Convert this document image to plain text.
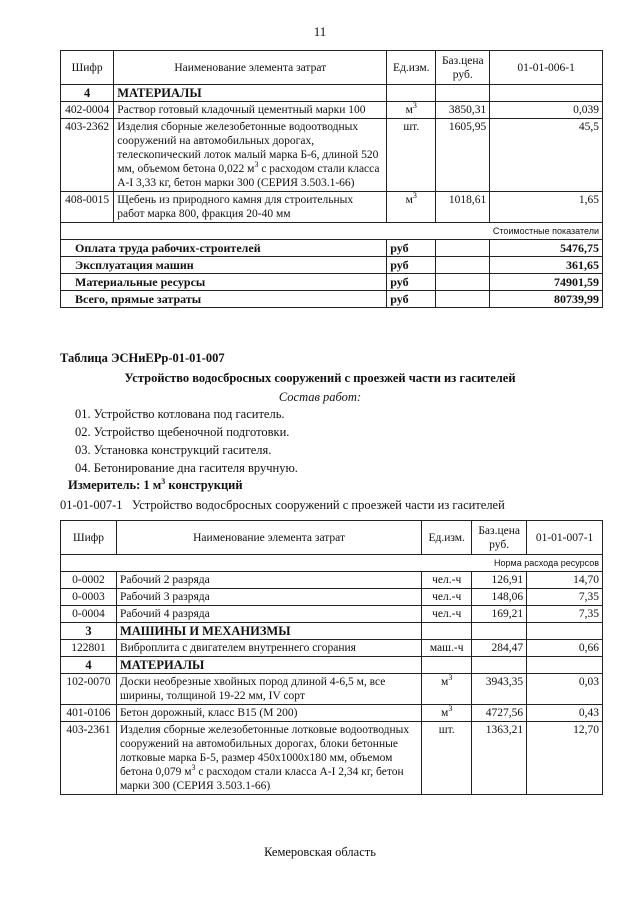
11
Шифр	Наименование элемента затрат	Ед.изм.	Баз.цена руб.	01-01-006-1
4	МАТЕРИАЛЫ			
402-0004	Раствор готовый кладочный цементный марки 100	$м^3$	3850,31	0,039
403-2362	Изделия сборные железобетонные водоотводных сооружений на автомобильных дорогах, телескопический лоток малый марка Б-6, длиной 520 мм, объемом бетона 0,022 $м^3$ с расходом стали класса А-I 3,33 кг, бетон марки 300 (СЕРИЯ 3.503.1-66)	шт.	1605,95	45,5
408-0015	Щебень из природного камня для строительных работ марка 800, фракция 20-40 мм	$м^3$	1018,61	1,65
				Стоимостные показатели
Оплата труда рабочих-строителей		руб		5476,75
Эксплуатация машин		руб		361,65
Материальные ресурсы		руб		74901,59
Всего, прямые затраты		руб		80739,99
Таблица ЭСНиЕРр-01-01-007
Устройство водосбросных сооружений с проезжей части из гасителей
Состав работ:
01. Устройство котлована под гаситель.
02. Устройство щебеночной подготовки.
03. Установка конструкций гасителя.
04. Бетонирование дна гасителя вручную.
Измеритель: 1 $м^3$ конструкций
01-01-007-1 Устройство водосбросных сооружений с проезжей части из гасителей
Шифр	Наименование элемента затрат	Ед.изм.	Баз.цена руб.	01-01-007-1
Норма расхода ресурсов				
0-0002	Рабочий 2 разряда	чел.-ч	126,91	14,70
0-0003	Рабочий 3 разряда	чел.-ч	148,06	7,35
0-0004	Рабочий 4 разряда	чел.-ч	169,21	7,35
3	МАШИНЫ И МЕХАНИЗМЫ			
122801	Виброплита с двигателем внутреннего сгорания	маш.-ч	284,47	0,66
4	МАТЕРИАЛЫ			
102-0070	Доски необрезные хвойных пород длиной 4-6,5 м, все ширины, толщиной 19-22 мм, IV сорт	$м^3$	3943,35	0,03
401-0106	Бетон дорожный, класс В15 (М 200)	$м^3$	4727,56	0,43
403-2361	Изделия сборные железобетонные лотковые водоотводных сооружений на автомобильных дорогах, блоки бетонные лотковые марка Б-5, размер 450x1000x180 мм, объемом бетона 0,079 $м^3$ с расходом стали класса А-I 2,34 кг, бетон марки 300 (СЕРИЯ 3.503.1-66)	шт.	1363,21	12,70
Кемеровская область
